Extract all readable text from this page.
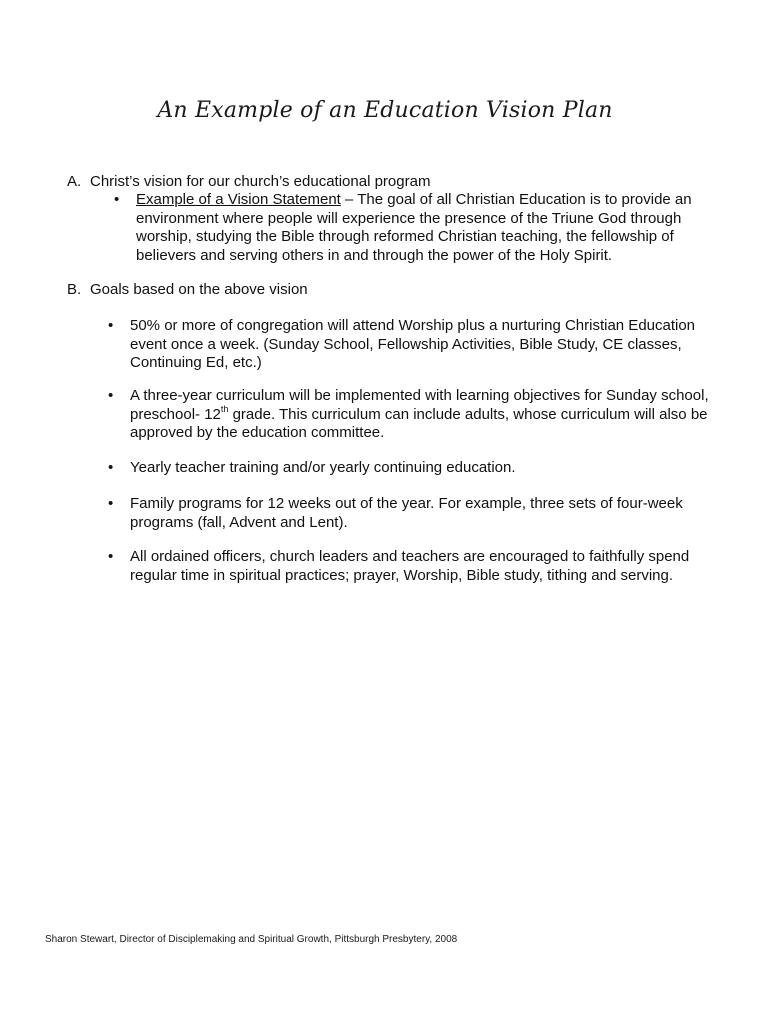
An Example of an Education Vision Plan
A. Christ’s vision for our church’s educational program
• Example of a Vision Statement – The goal of all Christian Education is to provide an environment where people will experience the presence of the Triune God through worship, studying the Bible through reformed Christian teaching, the fellowship of believers and serving others in and through the power of the Holy Spirit.
B. Goals based on the above vision
• 50% or more of congregation will attend Worship plus a nurturing Christian Education event once a week. (Sunday School, Fellowship Activities, Bible Study, CE classes, Continuing Ed, etc.)
• A three-year curriculum will be implemented with learning objectives for Sunday school, preschool- 12th grade. This curriculum can include adults, whose curriculum will also be approved by the education committee.
• Yearly teacher training and/or yearly continuing education.
• Family programs for 12 weeks out of the year. For example, three sets of four-week programs (fall, Advent and Lent).
• All ordained officers, church leaders and teachers are encouraged to faithfully spend regular time in spiritual practices; prayer, Worship, Bible study, tithing and serving.
Sharon Stewart, Director of Disciplemaking and Spiritual Growth, Pittsburgh Presbytery, 2008
